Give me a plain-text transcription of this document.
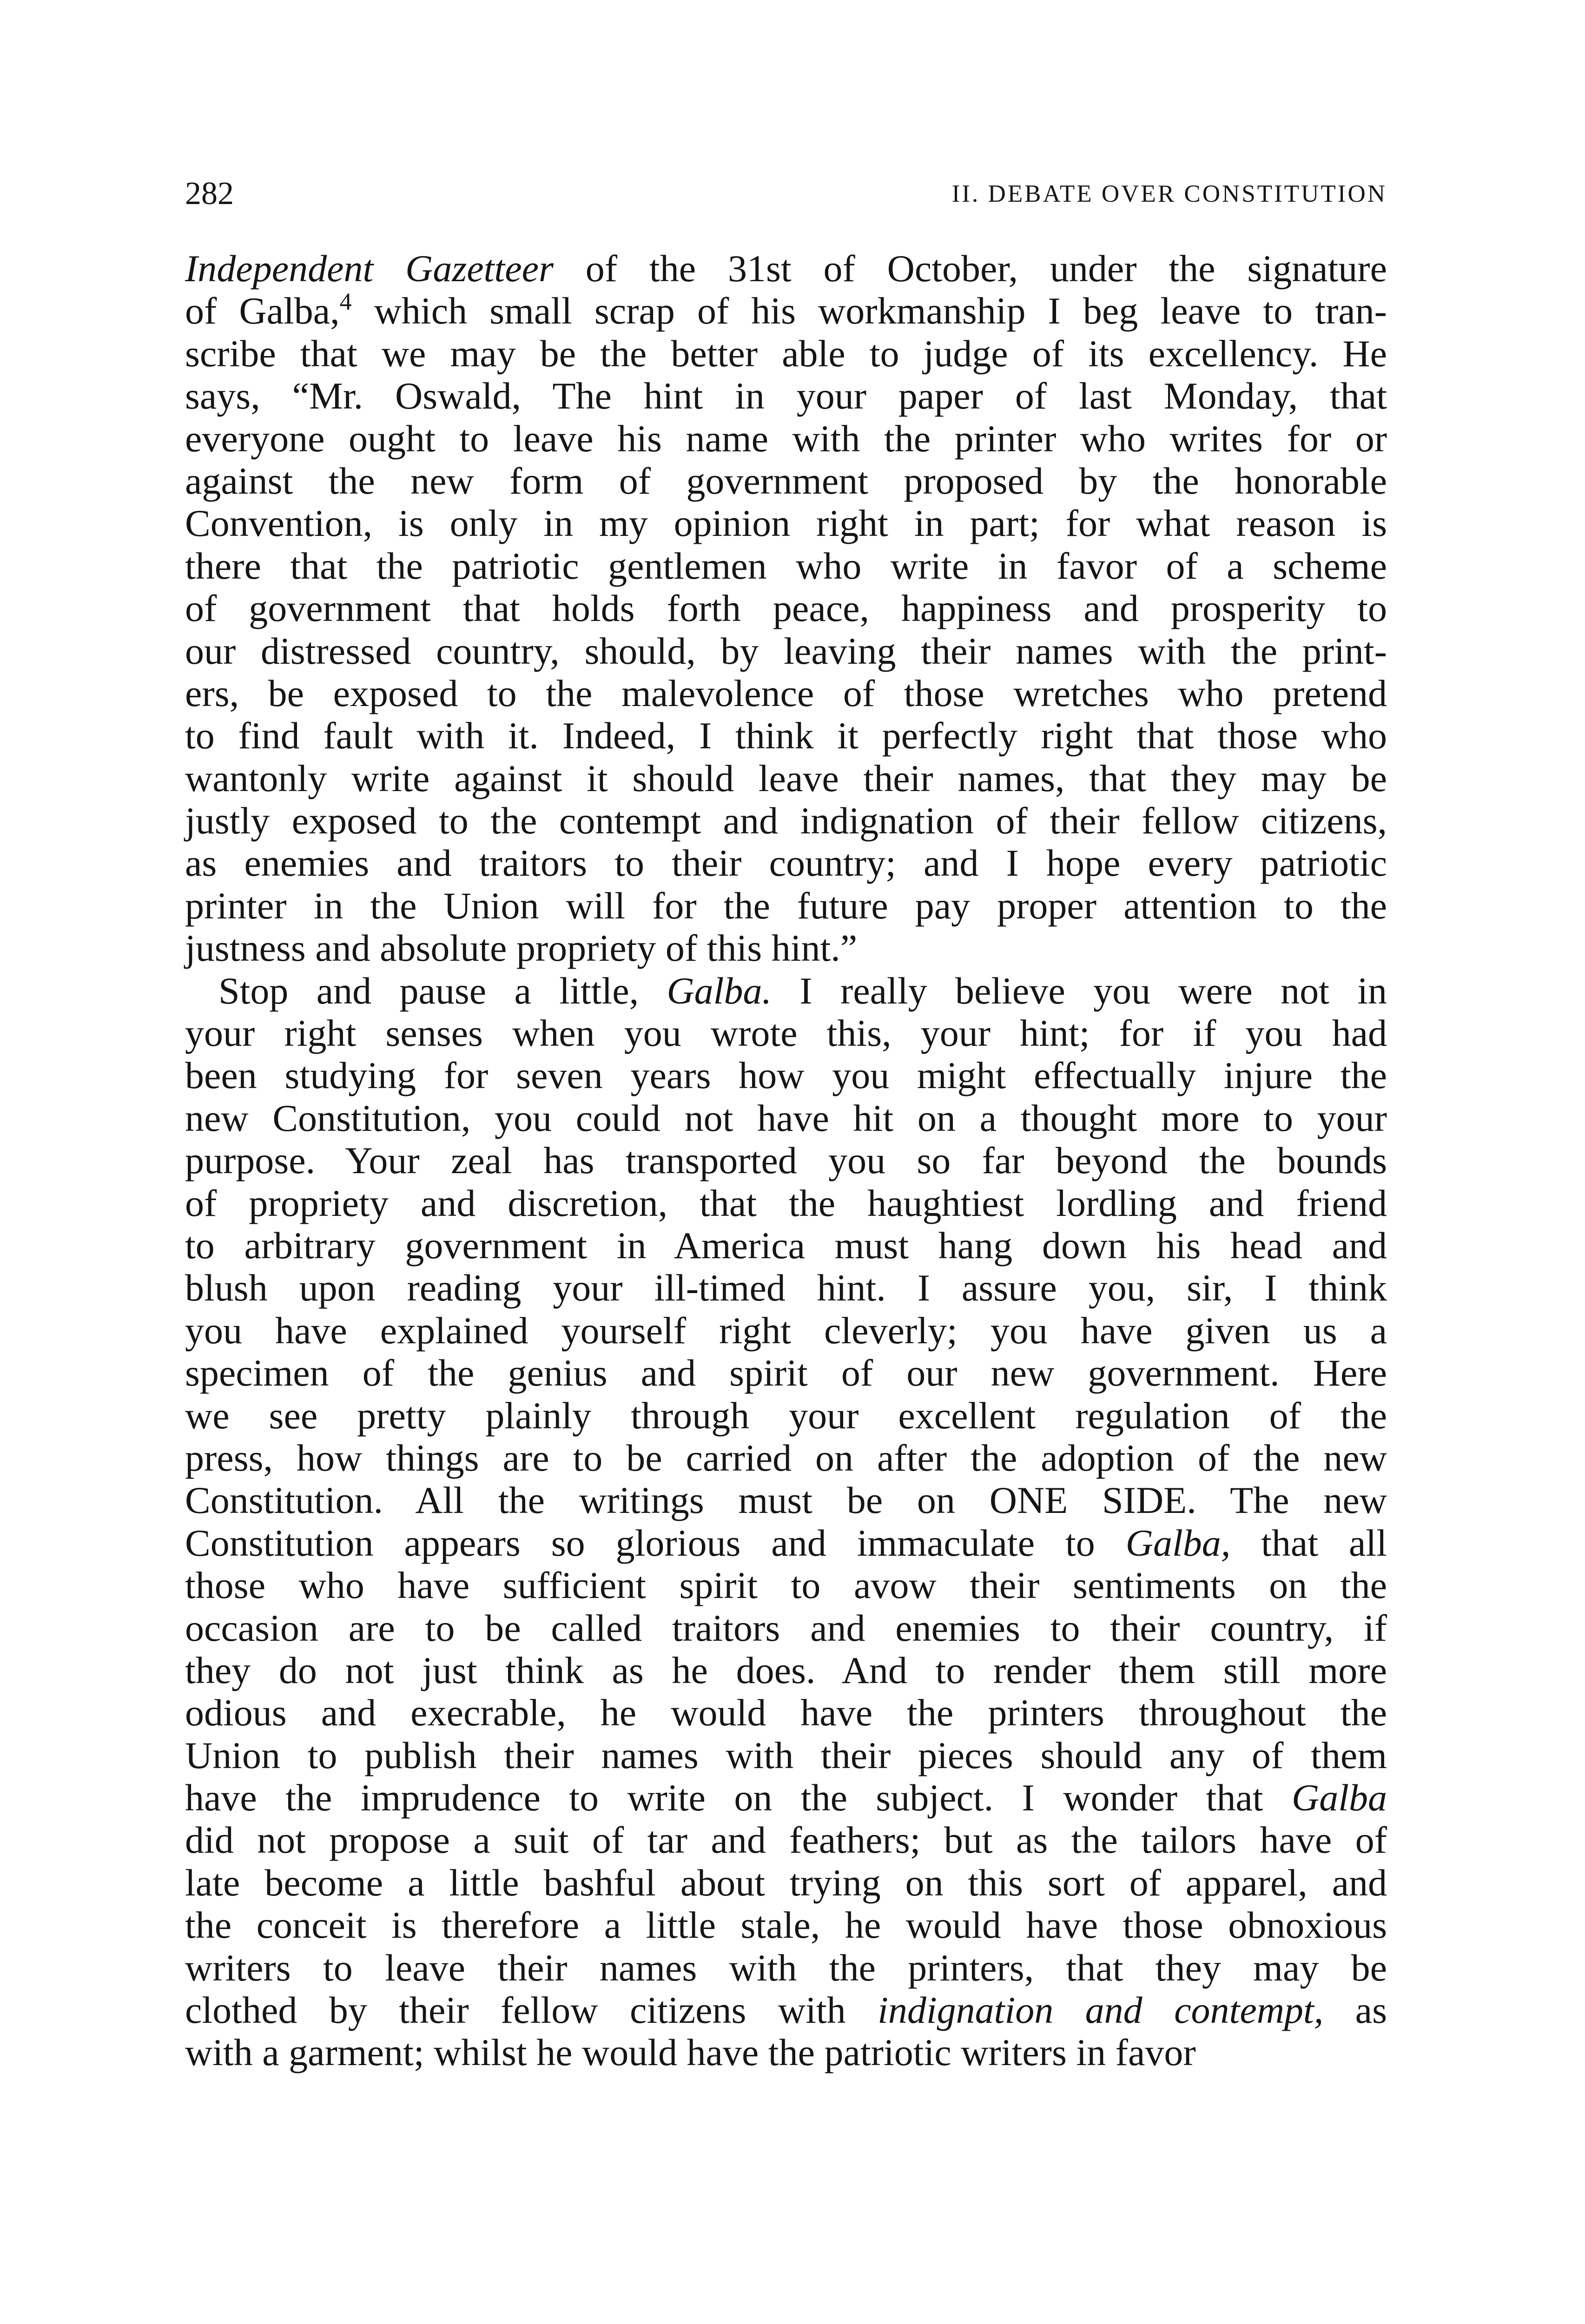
282	II. DEBATE OVER CONSTITUTION
Independent Gazetteer of the 31st of October, under the signature
of Galba,$^4$ which small scrap of his workmanship I beg leave to tran-
scribe that we may be the better able to judge of its excellency. He
says, “Mr. Oswald, The hint in your paper of last Monday, that
everyone ought to leave his name with the printer who writes for or
against the new form of government proposed by the honorable
Convention, is only in my opinion right in part; for what reason is
there that the patriotic gentlemen who write in favor of a scheme
of government that holds forth peace, happiness and prosperity to
our distressed country, should, by leaving their names with the print-
ers, be exposed to the malevolence of those wretches who pretend
to find fault with it. Indeed, I think it perfectly right that those who
wantonly write against it should leave their names, that they may be
justly exposed to the contempt and indignation of their fellow citizens,
as enemies and traitors to their country; and I hope every patriotic
printer in the Union will for the future pay proper attention to the
justness and absolute propriety of this hint.”
Stop and pause a little, Galba. I really believe you were not in
your right senses when you wrote this, your hint; for if you had
been studying for seven years how you might effectually injure the
new Constitution, you could not have hit on a thought more to your
purpose. Your zeal has transported you so far beyond the bounds
of propriety and discretion, that the haughtiest lordling and friend
to arbitrary government in America must hang down his head and
blush upon reading your ill-timed hint. I assure you, sir, I think
you have explained yourself right cleverly; you have given us a
specimen of the genius and spirit of our new government. Here
we see pretty plainly through your excellent regulation of the
press, how things are to be carried on after the adoption of the new
Constitution. All the writings must be on ONE SIDE. The new
Constitution appears so glorious and immaculate to Galba, that all
those who have sufficient spirit to avow their sentiments on the
occasion are to be called traitors and enemies to their country, if
they do not just think as he does. And to render them still more
odious and execrable, he would have the printers throughout the
Union to publish their names with their pieces should any of them
have the imprudence to write on the subject. I wonder that Galba
did not propose a suit of tar and feathers; but as the tailors have of
late become a little bashful about trying on this sort of apparel, and
the conceit is therefore a little stale, he would have those obnoxious
writers to leave their names with the printers, that they may be
clothed by their fellow citizens with indignation and contempt, as
with a garment; whilst he would have the patriotic writers in favor
